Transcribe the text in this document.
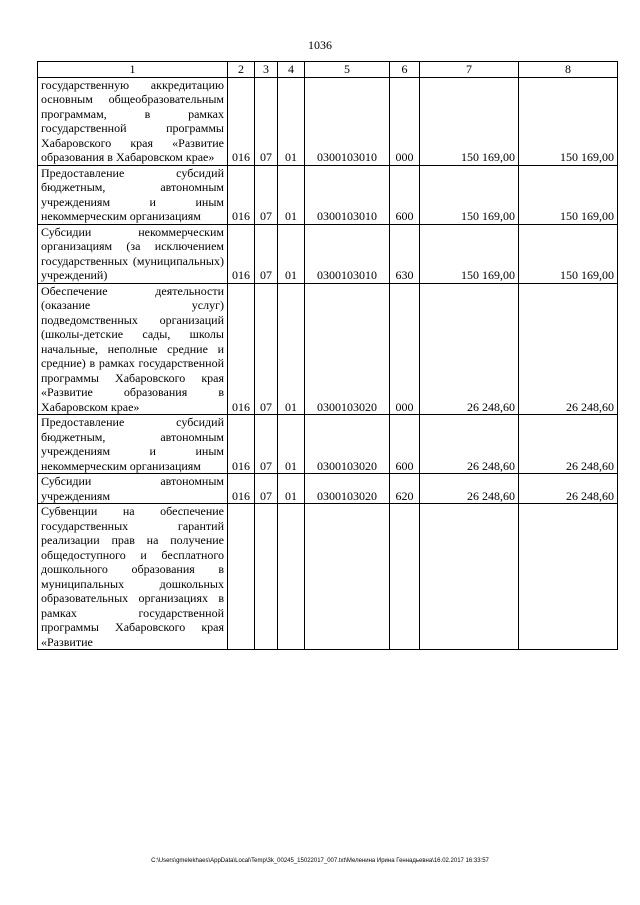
1036
1	2	3	4	5	6	7	8
государственную аккредитацию основным общеобразовательным программам, в рамках государственной программы Хабаровского края «Развитие образования в Хабаровском крае»	016	07	01	0300103010	000	150 169,00	150 169,00
Предоставление субсидий бюджетным, автономным учреждениям и иным некоммерческим организациям	016	07	01	0300103010	600	150 169,00	150 169,00
Субсидии некоммерческим организациям (за исключением государственных (муниципальных) учреждений)	016	07	01	0300103010	630	150 169,00	150 169,00
Обеспечение деятельности (оказание услуг) подведомственных организаций (школы-детские сады, школы начальные, неполные средние и средние) в рамках государственной программы Хабаровского края «Развитие образования в Хабаровском крае»	016	07	01	0300103020	000	26 248,60	26 248,60
Предоставление субсидий бюджетным, автономным учреждениям и иным некоммерческим организациям	016	07	01	0300103020	600	26 248,60	26 248,60
Субсидии автономным учреждениям	016	07	01	0300103020	620	26 248,60	26 248,60
Субвенции на обеспечение государственных гарантий реализации прав на получение общедоступного и бесплатного дошкольного образования в муниципальных дошкольных образовательных организациях в рамках государственной программы Хабаровского края «Развитие							
C:\Users\gmelekhaes\AppData\Local\Temp\3k_00245_15022017_007.txt\Меленина Ирина Геннадьевна\16.02.2017 16:33:57
